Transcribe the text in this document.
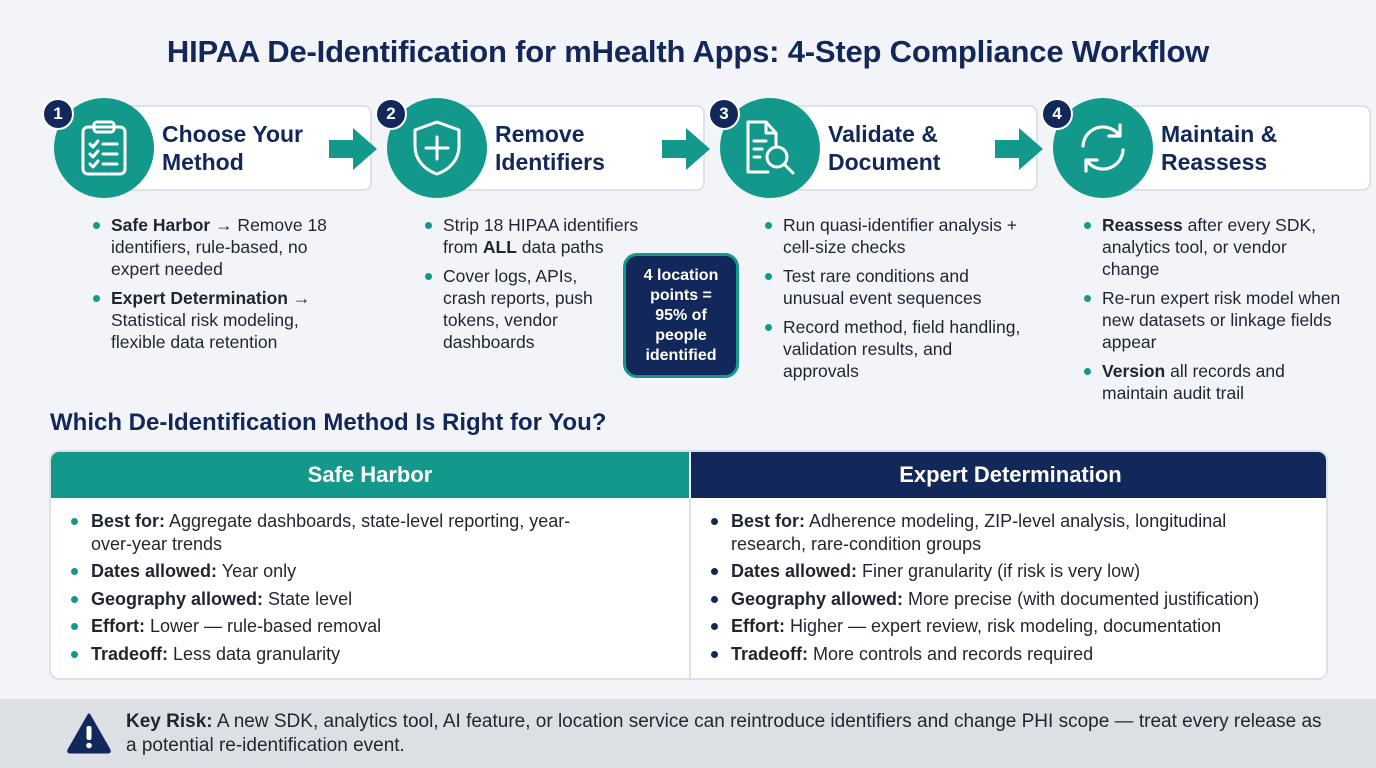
HIPAA De-Identification for mHealth Apps: 4-Step Compliance Workflow
1
Choose Your Method
2
Remove Identifiers
3
Validate & Document
4
Maintain & Reassess
Safe Harbor → Remove 18 identifiers, rule-based, no expert needed
Expert Determination → Statistical risk modeling, flexible data retention
Strip 18 HIPAA identifiers from ALL data paths
Cover logs, APIs, crash reports, push tokens, vendor dashboards
4 location points = 95% of people identified
Run quasi-identifier analysis + cell-size checks
Test rare conditions and unusual event sequences
Record method, field handling, validation results, and approvals
Reassess after every SDK, analytics tool, or vendor change
Re-run expert risk model when new datasets or linkage fields appear
Version all records and maintain audit trail
Which De-Identification Method Is Right for You?
Safe Harbor	Expert Determination
Best for: Aggregate dashboards, state-level reporting, year-over-year trends
Dates allowed: Year only
Geography allowed: State level
Effort: Lower — rule-based removal
Tradeoff: Less data granularity
Best for: Adherence modeling, ZIP-level analysis, longitudinal research, rare-condition groups
Dates allowed: Finer granularity (if risk is very low)
Geography allowed: More precise (with documented justification)
Effort: Higher — expert review, risk modeling, documentation
Tradeoff: More controls and records required
Key Risk: A new SDK, analytics tool, AI feature, or location service can reintroduce identifiers and change PHI scope — treat every release as a potential re-identification event.
